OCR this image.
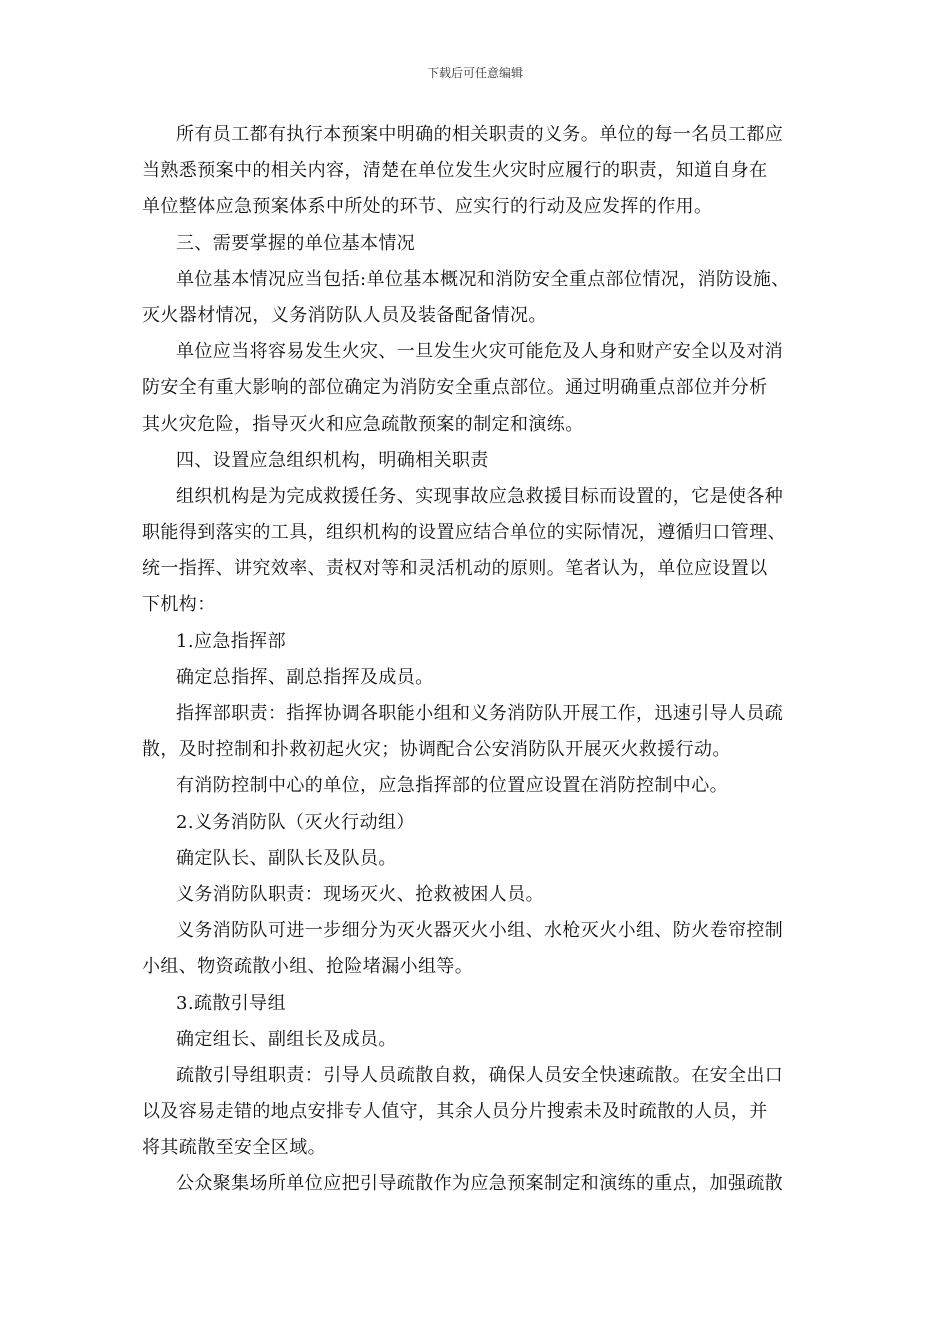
下载后可任意编辑
所有员工都有执行本预案中明确的相关职责的义务。单位的每一名员工都应
当熟悉预案中的相关内容，清楚在单位发生火灾时应履行的职责，知道自身在
单位整体应急预案体系中所处的环节、应实行的行动及应发挥的作用。
三、需要掌握的单位基本情况
单位基本情况应当包括:单位基本概况和消防安全重点部位情况，消防设施、
灭火器材情况，义务消防队人员及装备配备情况。
单位应当将容易发生火灾、一旦发生火灾可能危及人身和财产安全以及对消
防安全有重大影响的部位确定为消防安全重点部位。通过明确重点部位并分析
其火灾危险，指导灭火和应急疏散预案的制定和演练。
四、设置应急组织机构，明确相关职责
组织机构是为完成救援任务、实现事故应急救援目标而设置的，它是使各种
职能得到落实的工具，组织机构的设置应结合单位的实际情况，遵循归口管理、
统一指挥、讲究效率、责权对等和灵活机动的原则。笔者认为，单位应设置以
下机构：
1.应急指挥部
确定总指挥、副总指挥及成员。
指挥部职责：指挥协调各职能小组和义务消防队开展工作，迅速引导人员疏
散，及时控制和扑救初起火灾；协调配合公安消防队开展灭火救援行动。
有消防控制中心的单位，应急指挥部的位置应设置在消防控制中心。
2.义务消防队（灭火行动组）
确定队长、副队长及队员。
义务消防队职责：现场灭火、抢救被困人员。
义务消防队可进一步细分为灭火器灭火小组、水枪灭火小组、防火卷帘控制
小组、物资疏散小组、抢险堵漏小组等。
3.疏散引导组
确定组长、副组长及成员。
疏散引导组职责：引导人员疏散自救，确保人员安全快速疏散。在安全出口
以及容易走错的地点安排专人值守，其余人员分片搜索未及时疏散的人员，并
将其疏散至安全区域。
公众聚集场所单位应把引导疏散作为应急预案制定和演练的重点，加强疏散
